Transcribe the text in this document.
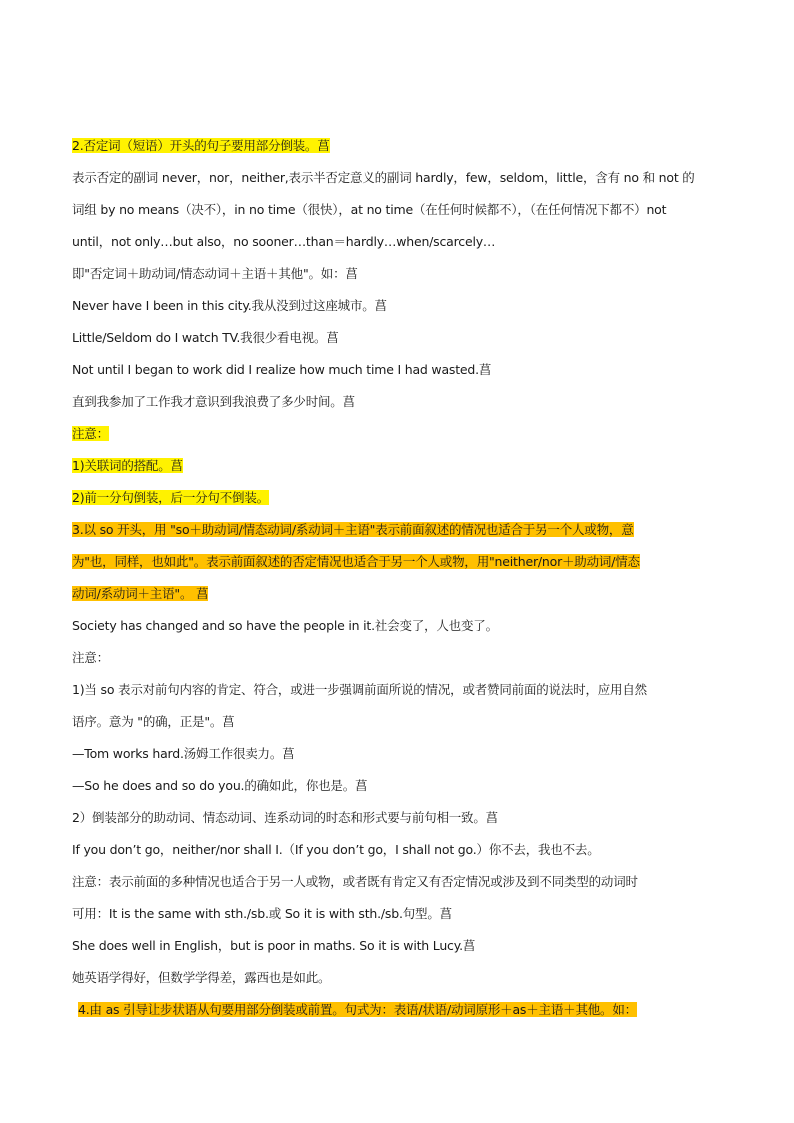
2.否定词（短语）开头的句子要用部分倒装。菖
表示否定的副词 never，nor，neither,表示半否定意义的副词 hardly，few，seldom，little，含有 no 和 not 的
词组 by no means（决不），in no time（很快），at no time（在任何时候都不），（在任何情况下都不）not
until，not only…but also，no sooner…than＝hardly…when/scarcely…
即"否定词＋助动词/情态动词＋主语＋其他"。如：菖
Never have I been in this city.我从没到过这座城市。菖
Little/Seldom do I watch TV.我很少看电视。菖
Not until I began to work did I realize how much time I had wasted.菖
直到我参加了工作我才意识到我浪费了多少时间。菖
注意：
1)关联词的搭配。菖
2)前一分句倒装，后一分句不倒装。
3.以 so 开头，用 "so＋助动词/情态动词/系动词＋主语"表示前面叙述的情况也适合于另一个人或物，意
为"也，同样，也如此"。表示前面叙述的否定情况也适合于另一个人或物，用"neither/nor＋助动词/情态
动词/系动词＋主语"。 菖
Society has changed and so have the people in it.社会变了，人也变了。
注意：
1)当 so 表示对前句内容的肯定、符合，或进一步强调前面所说的情况，或者赞同前面的说法时，应用自然
语序。意为 "的确，正是"。菖
—Tom works hard.汤姆工作很卖力。菖
—So he does and so do you.的确如此，你也是。菖
2）倒装部分的助动词、情态动词、连系动词的时态和形式要与前句相一致。菖
If you don’t go，neither/nor shall I.（If you don’t go，I shall not go.）你不去，我也不去。
注意：表示前面的多种情况也适合于另一人或物，或者既有肯定又有否定情况或涉及到不同类型的动词时
可用：It is the same with sth./sb.或 So it is with sth./sb.句型。菖
She does well in English，but is poor in maths. So it is with Lucy.菖
她英语学得好，但数学学得差，露西也是如此。
4.由 as 引导让步状语从句要用部分倒装或前置。句式为：表语/状语/动词原形＋as＋主语＋其他。如：
